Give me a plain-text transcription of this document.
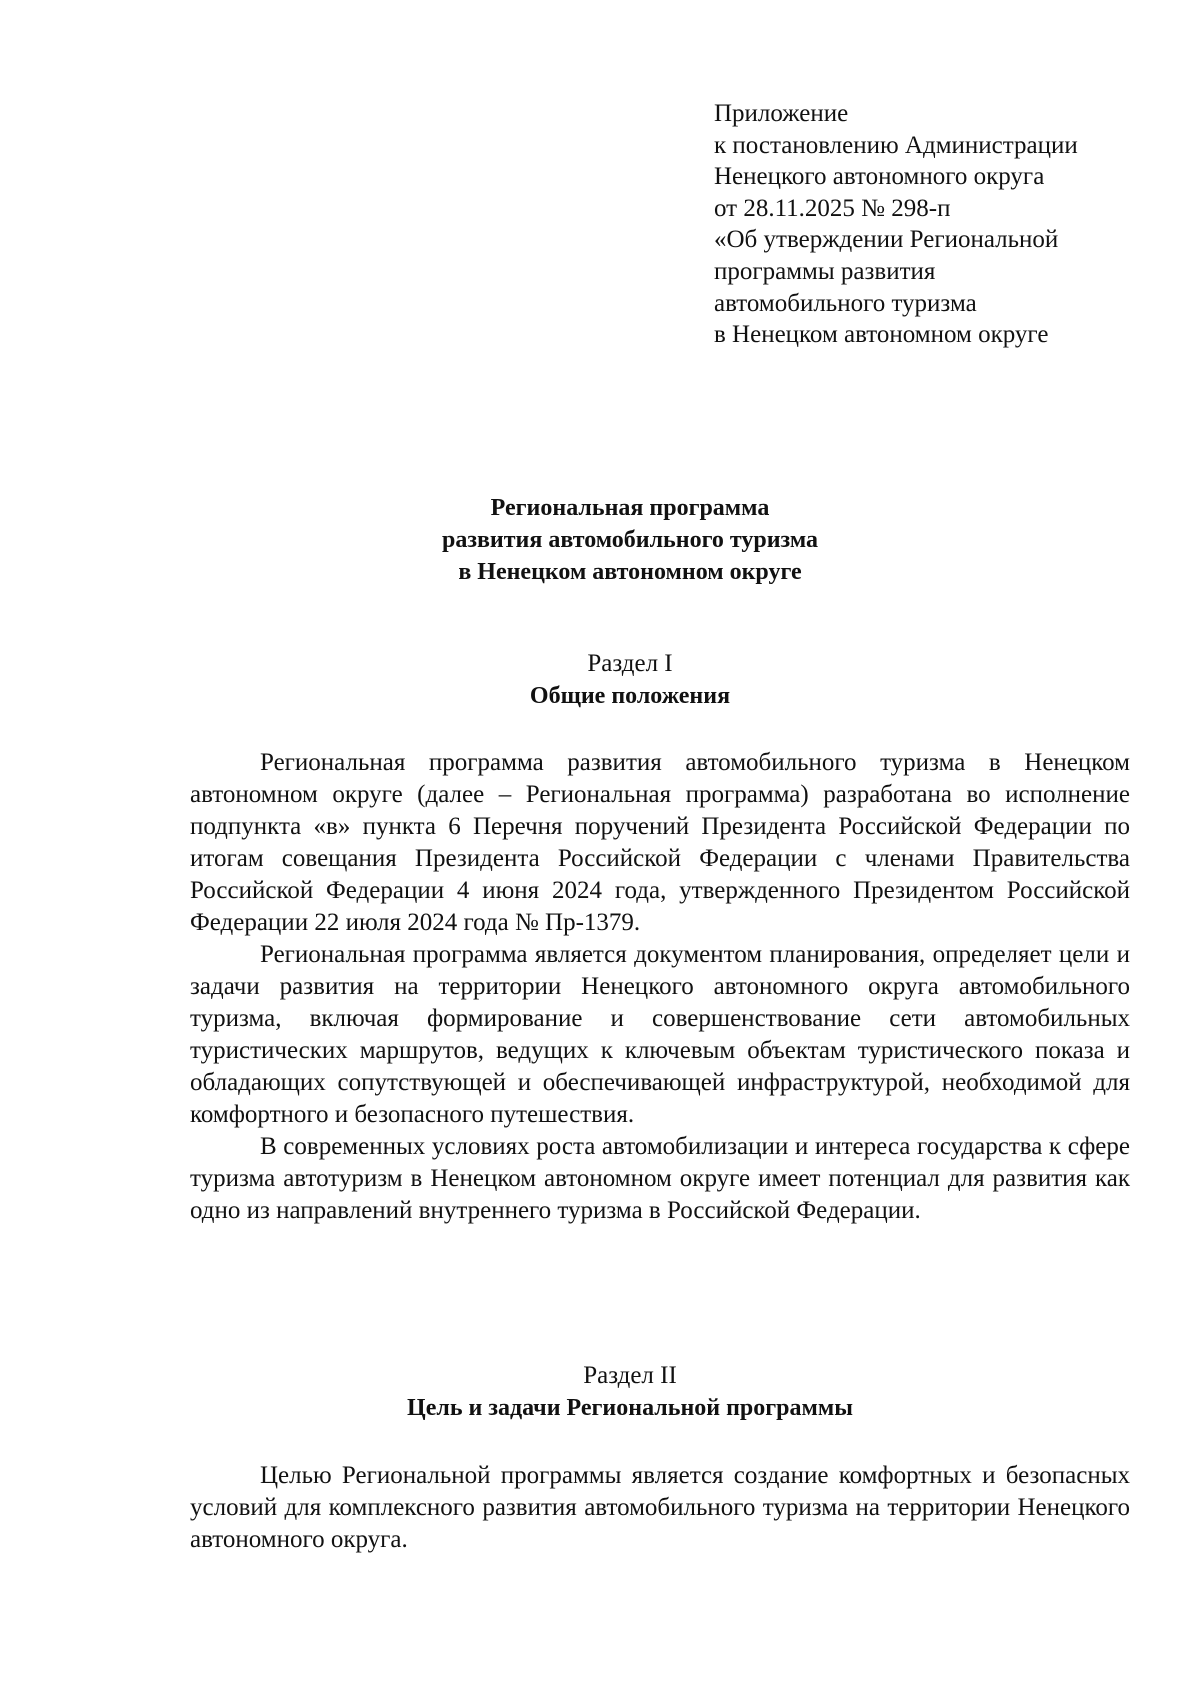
Приложение
к постановлению Администрации
Ненецкого автономного округа
от 28.11.2025 № 298-п
«Об утверждении Региональной
программы развития
автомобильного туризма
в Ненецком автономном округе
Региональная программа
развития автомобильного туризма
в Ненецком автономном округе
Раздел I
Общие положения

Региональная программа развития автомобильного туризма в Ненецком автономном округе (далее – Региональная программа) разработана во исполнение подпункта «в» пункта 6 Перечня поручений Президента Российской Федерации по итогам совещания Президента Российской Федерации с членами Правительства Российской Федерации 4 июня 2024 года, утвержденного Президентом Российской Федерации 22 июля 2024 года № Пр-1379.

Региональная программа является документом планирования, определяет цели и задачи развития на территории Ненецкого автономного округа автомобильного туризма, включая формирование и совершенствование сети автомобильных туристических маршрутов, ведущих к ключевым объектам туристического показа и обладающих сопутствующей и обеспечивающей инфраструктурой, необходимой для комфортного и безопасного путешествия.

В современных условиях роста автомобилизации и интереса государства к сфере туризма автотуризм в Ненецком автономном округе имеет потенциал для развития как одно из направлений внутреннего туризма в Российской Федерации.

Раздел II
Цель и задачи Региональной программы

Целью Региональной программы является создание комфортных и безопасных условий для комплексного развития автомобильного туризма на территории Ненецкого автономного округа.
